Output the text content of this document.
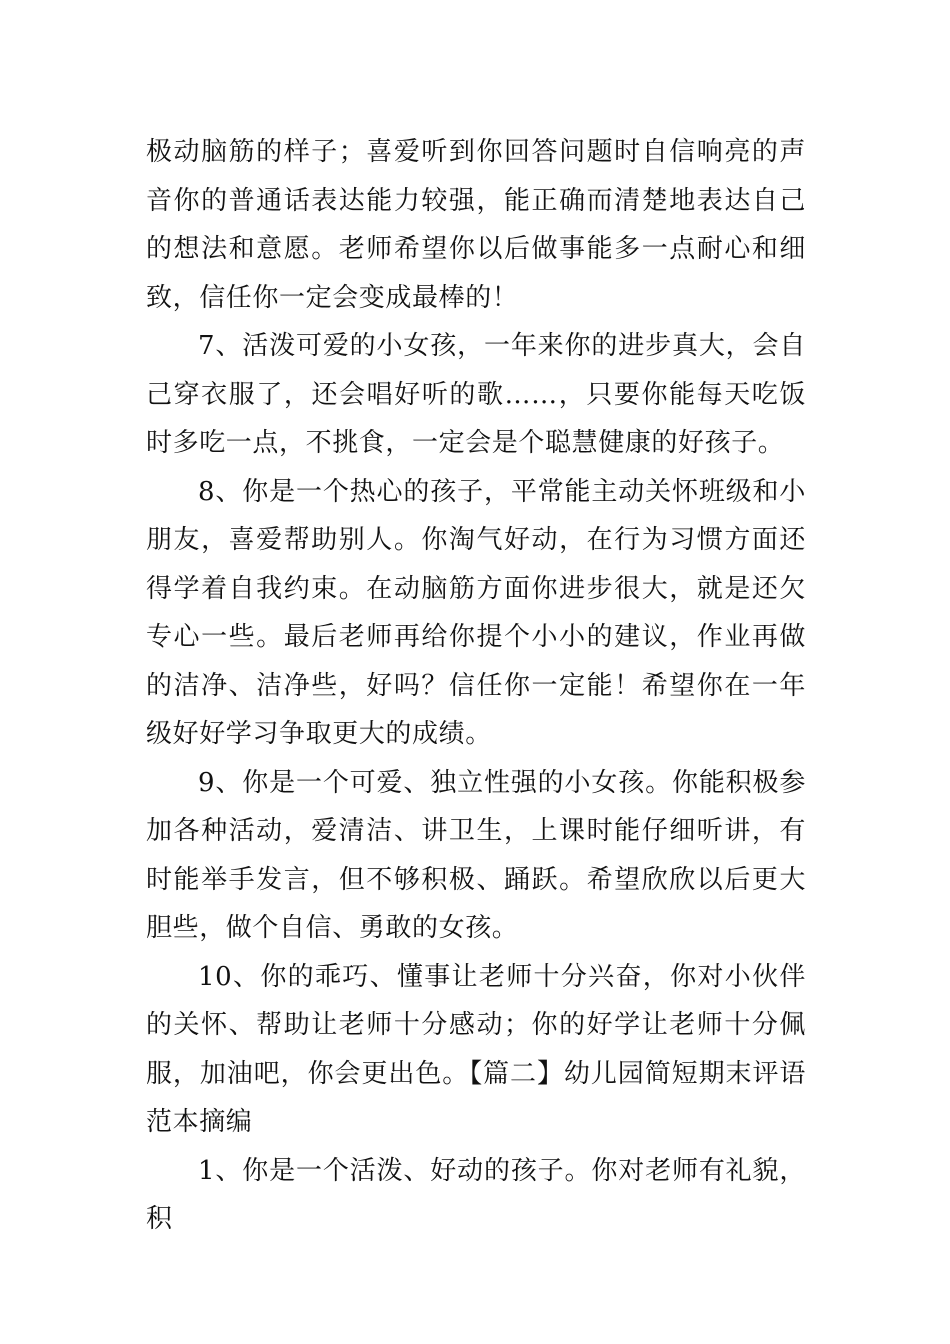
极动脑筋的样子；喜爱听到你回答问题时自信响亮的声音你的普通话表达能力较强，能正确而清楚地表达自己的想法和意愿。老师希望你以后做事能多一点耐心和细致，信任你一定会变成最棒的！

7、活泼可爱的小女孩，一年来你的进步真大，会自己穿衣服了，还会唱好听的歌……，只要你能每天吃饭时多吃一点，不挑食，一定会是个聪慧健康的好孩子。

8、你是一个热心的孩子，平常能主动关怀班级和小朋友，喜爱帮助别人。你淘气好动，在行为习惯方面还得学着自我约束。在动脑筋方面你进步很大，就是还欠专心一些。最后老师再给你提个小小的建议，作业再做的洁净、洁净些，好吗？信任你一定能！希望你在一年级好好学习争取更大的成绩。

9、你是一个可爱、独立性强的小女孩。你能积极参加各种活动，爱清洁、讲卫生，上课时能仔细听讲，有时能举手发言，但不够积极、踊跃。希望欣欣以后更大胆些，做个自信、勇敢的女孩。

10、你的乖巧、懂事让老师十分兴奋，你对小伙伴的关怀、帮助让老师十分感动；你的好学让老师十分佩服，加油吧，你会更出色。【篇二】幼儿园简短期末评语范本摘编

1、你是一个活泼、好动的孩子。你对老师有礼貌，积
